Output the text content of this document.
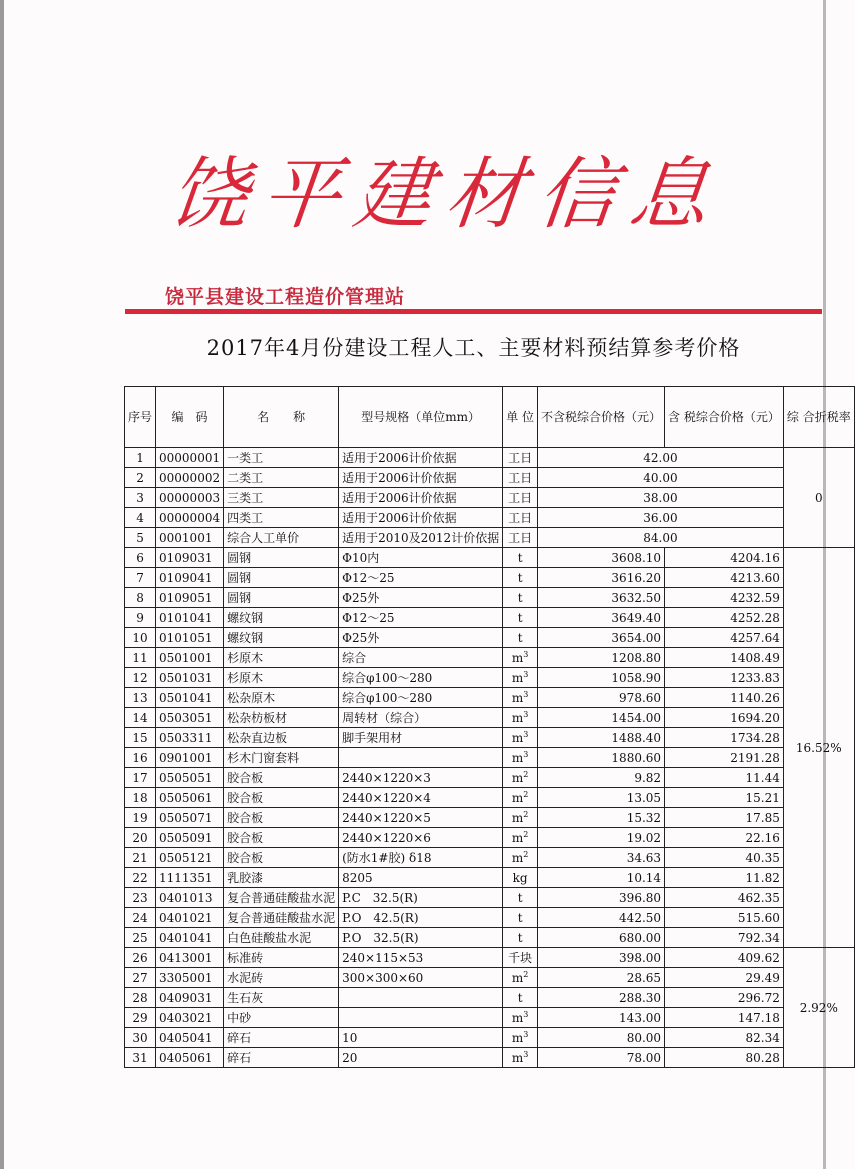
饶平建材信息
饶平县建设工程造价管理站
2017年4月份建设工程人工、主要材料预结算参考价格
序号	编　码	名　　称	型号规格（单位mm）	单 位	不含税综合价格（元）	含 税综合价格（元）	综 合折税率
1	00000001	一类工	适用于2006计价依据	工日	42.00		0
2	00000002	二类工	适用于2006计价依据	工日	40.00		
3	00000003	三类工	适用于2006计价依据	工日	38.00		
4	00000004	四类工	适用于2006计价依据	工日	36.00		
5	0001001	综合人工单价	适用于2010及2012计价依据	工日	84.00		
6	0109031	圆钢	Φ10内	t	3608.10	4204.16	16.52%
7	0109041	圆钢	Φ12～25	t	3616.20	4213.60	
8	0109051	圆钢	Φ25外	t	3632.50	4232.59	
9	0101041	螺纹钢	Φ12～25	t	3649.40	4252.28	
10	0101051	螺纹钢	Φ25外	t	3654.00	4257.64	
11	0501001	杉原木	综合	$m^3$	1208.80	1408.49	
12	0501031	杉原木	综合φ100～280	$m^3$	1058.90	1233.83	
13	0501041	松杂原木	综合φ100～280	$m^3$	978.60	1140.26	
14	0503051	松杂枋板材	周转材（综合）	$m^3$	1454.00	1694.20	
15	0503311	松杂直边板	脚手架用材	$m^3$	1488.40	1734.28	
16	0901001	杉木门窗套料		$m^3$	1880.60	2191.28	
17	0505051	胶合板	2440×1220×3	$m^2$	9.82	11.44	
18	0505061	胶合板	2440×1220×4	$m^2$	13.05	15.21	
19	0505071	胶合板	2440×1220×5	$m^2$	15.32	17.85	
20	0505091	胶合板	2440×1220×6	$m^2$	19.02	22.16	
21	0505121	胶合板	(防水1#胶) δ18	$m^2$	34.63	40.35	
22	1111351	乳胶漆	8205	kg	10.14	11.82	
23	0401013	复合普通硅酸盐水泥	P.C　32.5(R)	t	396.80	462.35	
24	0401021	复合普通硅酸盐水泥	P.O　42.5(R)	t	442.50	515.60	
25	0401041	白色硅酸盐水泥	P.O　32.5(R)	t	680.00	792.34	
26	0413001	标准砖	240×115×53	千块	398.00	409.62	2.92%
27	3305001	水泥砖	300×300×60	$m^2$	28.65	29.49	
28	0409031	生石灰		t	288.30	296.72	
29	0403021	中砂		$m^3$	143.00	147.18	
30	0405041	碎石	10	$m^3$	80.00	82.34	
31	0405061	碎石	20	$m^3$	78.00	80.28	
